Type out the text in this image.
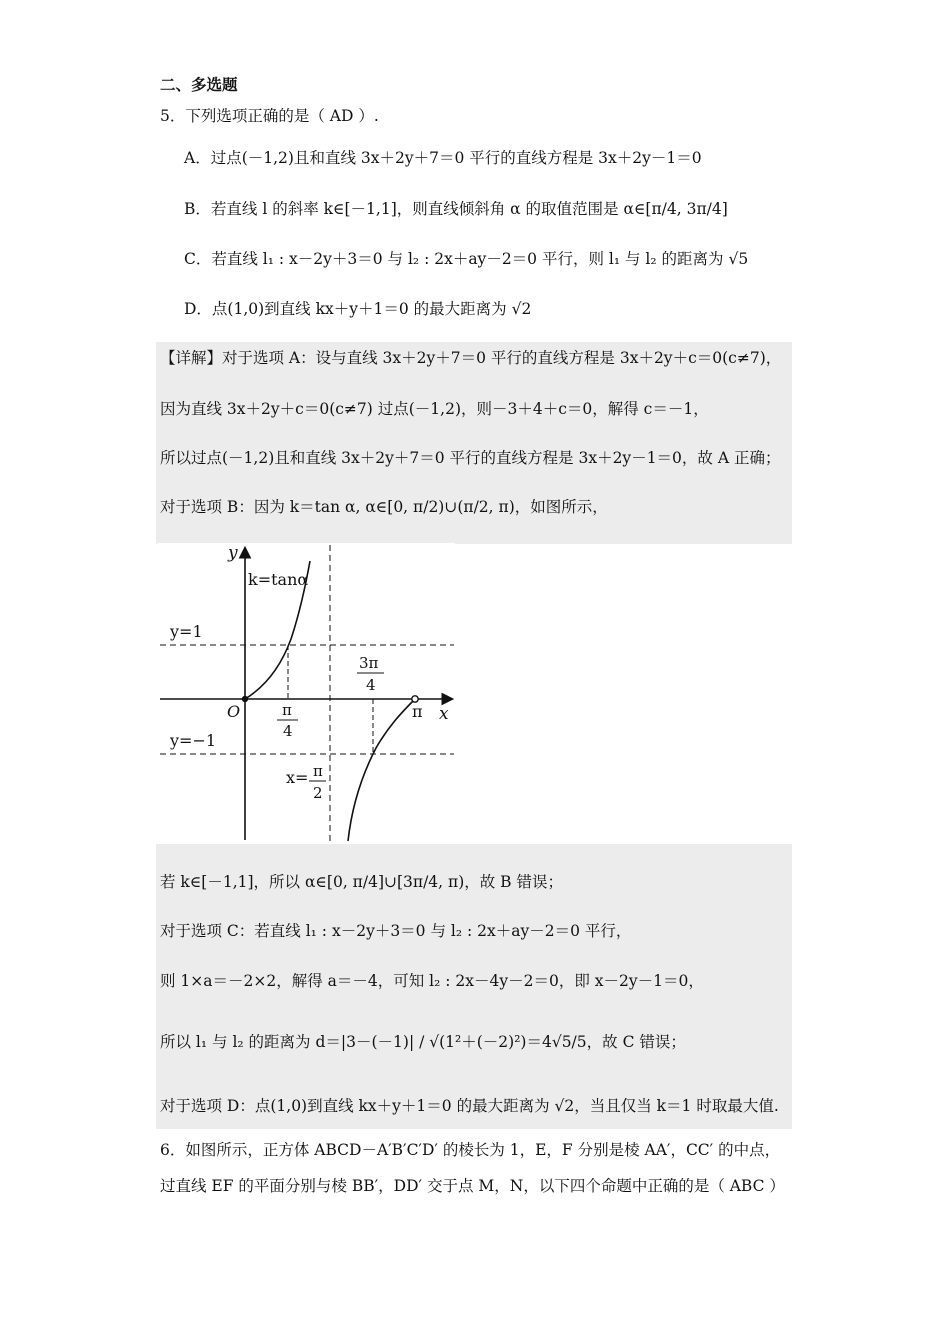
二、多选题
5．下列选项正确的是（ AD ）.
A．过点(－1,2)且和直线 3x＋2y＋7＝0 平行的直线方程是 3x＋2y－1＝0
B．若直线 l 的斜率 k∈[－1,1]，则直线倾斜角 α 的取值范围是 α∈[π/4, 3π/4]
C．若直线 l₁ : x－2y＋3＝0 与 l₂ : 2x＋ay－2＝0 平行，则 l₁ 与 l₂ 的距离为 √5
D．点(1,0)到直线 kx＋y＋1＝0 的最大距离为 √2
【详解】对于选项 A：设与直线 3x＋2y＋7＝0 平行的直线方程是 3x＋2y＋c＝0(c≠7)，
因为直线 3x＋2y＋c＝0(c≠7) 过点(－1,2)，则－3＋4＋c＝0，解得 c＝－1，
所以过点(－1,2)且和直线 3x＋2y＋7＝0 平行的直线方程是 3x＋2y－1＝0，故 A 正确；
对于选项 B：因为 k＝tan α, α∈[0, π/2)∪(π/2, π)，如图所示，
y
x
k=tanα
y=1
y=−1
O	π
π
4
3π
4
x= π
2
若 k∈[－1,1]，所以 α∈[0, π/4]∪[3π/4, π)，故 B 错误；
对于选项 C：若直线 l₁ : x－2y＋3＝0 与 l₂ : 2x＋ay－2＝0 平行，
则 1×a＝－2×2，解得 a＝－4，可知 l₂ : 2x－4y－2＝0，即 x－2y－1＝0，
所以 l₁ 与 l₂ 的距离为 d＝|3－(－1)| / √(1²＋(－2)²)＝4√5/5，故 C 错误；
对于选项 D：点(1,0)到直线 kx＋y＋1＝0 的最大距离为 √2，当且仅当 k＝1 时取最大值.
6．如图所示，正方体 ABCD－A′B′C′D′ 的棱长为 1，E，F 分别是棱 AA′，CC′ 的中点，
过直线 EF 的平面分别与棱 BB′，DD′ 交于点 M，N，以下四个命题中正确的是（ ABC ）
